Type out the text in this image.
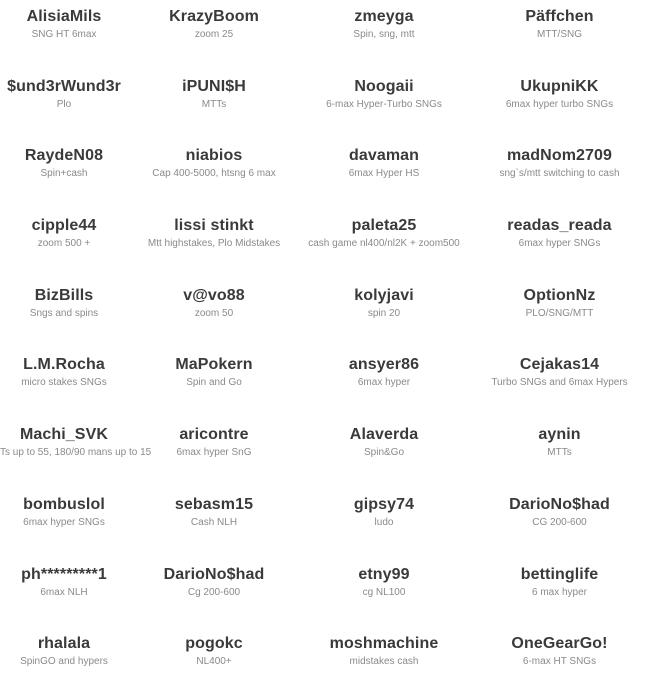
AlisiaMils
SNG HT 6max
KrazyBoom
zoom 25
zmeyga
Spin, sng, mtt
Päffchen
MTT/SNG
$und3rWund3r
Plo
iPUNI$H
MTTs
Noogaii
6-max Hyper-Turbo SNGs
UkupniKK
6max hyper turbo SNGs
RaydeN08
Spin+cash
niabios
Cap 400-5000, htsng 6 max
davaman
6max Hyper HS
madNom2709
sng`s/mtt switching to cash
cipple44
zoom 500 +
lissi stinkt
Mtt highstakes, Plo Midstakes
paleta25
cash game nl400/nl2K + zoom500
readas_reada
6max hyper SNGs
BizBills
Sngs and spins
v@vo88
zoom 50
kolyjavi
spin 20
OptionNz
PLO/SNG/MTT
L.M.Rocha
micro stakes SNGs
MaPokern
Spin and Go
ansyer86
6max hyper
Cejakas14
Turbo SNGs and 6max Hypers
Machi_SVK
Ts up to 55, 180/90 mans up to 15
aricontre
6max hyper SnG
Alaverda
Spin&Go
aynin
MTTs
bombuslol
6max hyper SNGs
sebasm15
Cash NLH
gipsy74
ludo
DarioNo$had
CG 200-600
ph*********1
6max NLH
DarioNo$had
Cg 200-600
etny99
cg NL100
bettinglife
6 max hyper
rhalala
SpinGO and hypers
pogokc
NL400+
moshmachine
midstakes cash
OneGearGo!
6-max HT SNGs
